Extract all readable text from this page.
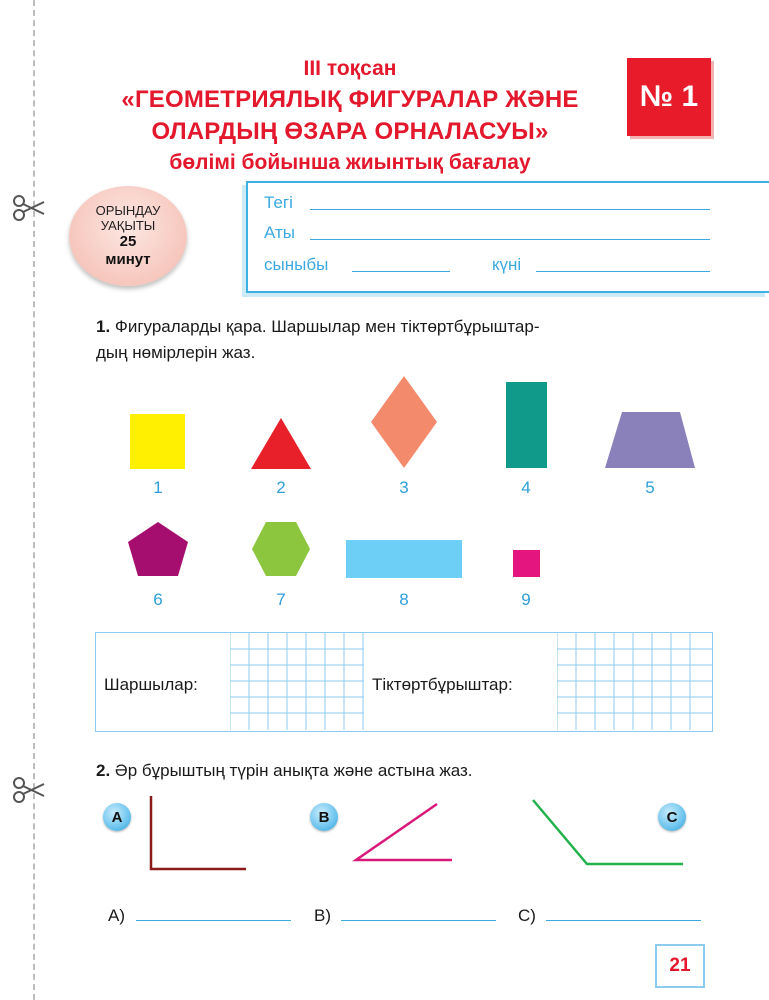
ІІІ тоқсан
«ГЕОМЕТРИЯЛЫҚ ФИГУРАЛАР ЖӘНЕ
ОЛАРДЫҢ ӨЗАРА ОРНАЛАСУЫ»
бөлімі бойынша жиынтық бағалау
№ 1
ОРЫНДАУ
УАҚЫТЫ
25
минут
Тегі
Аты
сыныбы	күні
1. Фигураларды қара. Шаршылар мен тіктөртбұрыштар-
дың нөмірлерін жаз.
1	2	3	4	5
6	7	8	9
Шаршылар:	Тіктөртбұрыштар:
2. Әр бұрыштың түрін анықта және астына жаз.
A	B	C
A)	B)	C)
21
